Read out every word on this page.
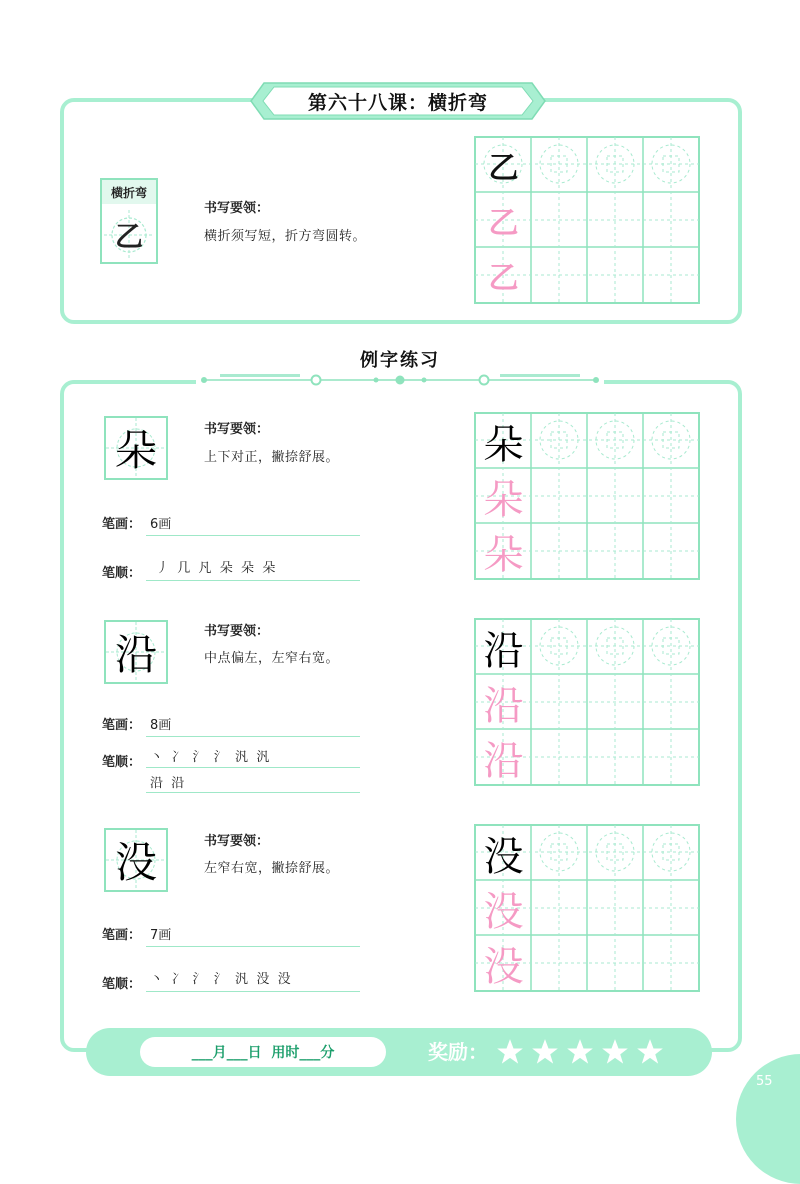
第六十八课：横折弯
横折弯
乙
书写要领：
横折须写短，折方弯圆转。
乙
乙
乙
例字练习
朵	书写要领：
上下对正，撇捺舒展。
笔画： 6画
笔顺： 丿  几  凡  朵  朵  朵
朵
朵
朵
沿	书写要领：
中点偏左，左窄右宽。
笔画： 8画
笔顺： 丶  冫  氵  氵  汎  汎
沿  沿
沿
沿
沿
没	书写要领：
左窄右宽，撇捺舒展。
笔画： 7画
笔顺： 丶  冫  氵  氵  汎  没  没
没
没
没
___月___日  用时___分	奖励：
55
